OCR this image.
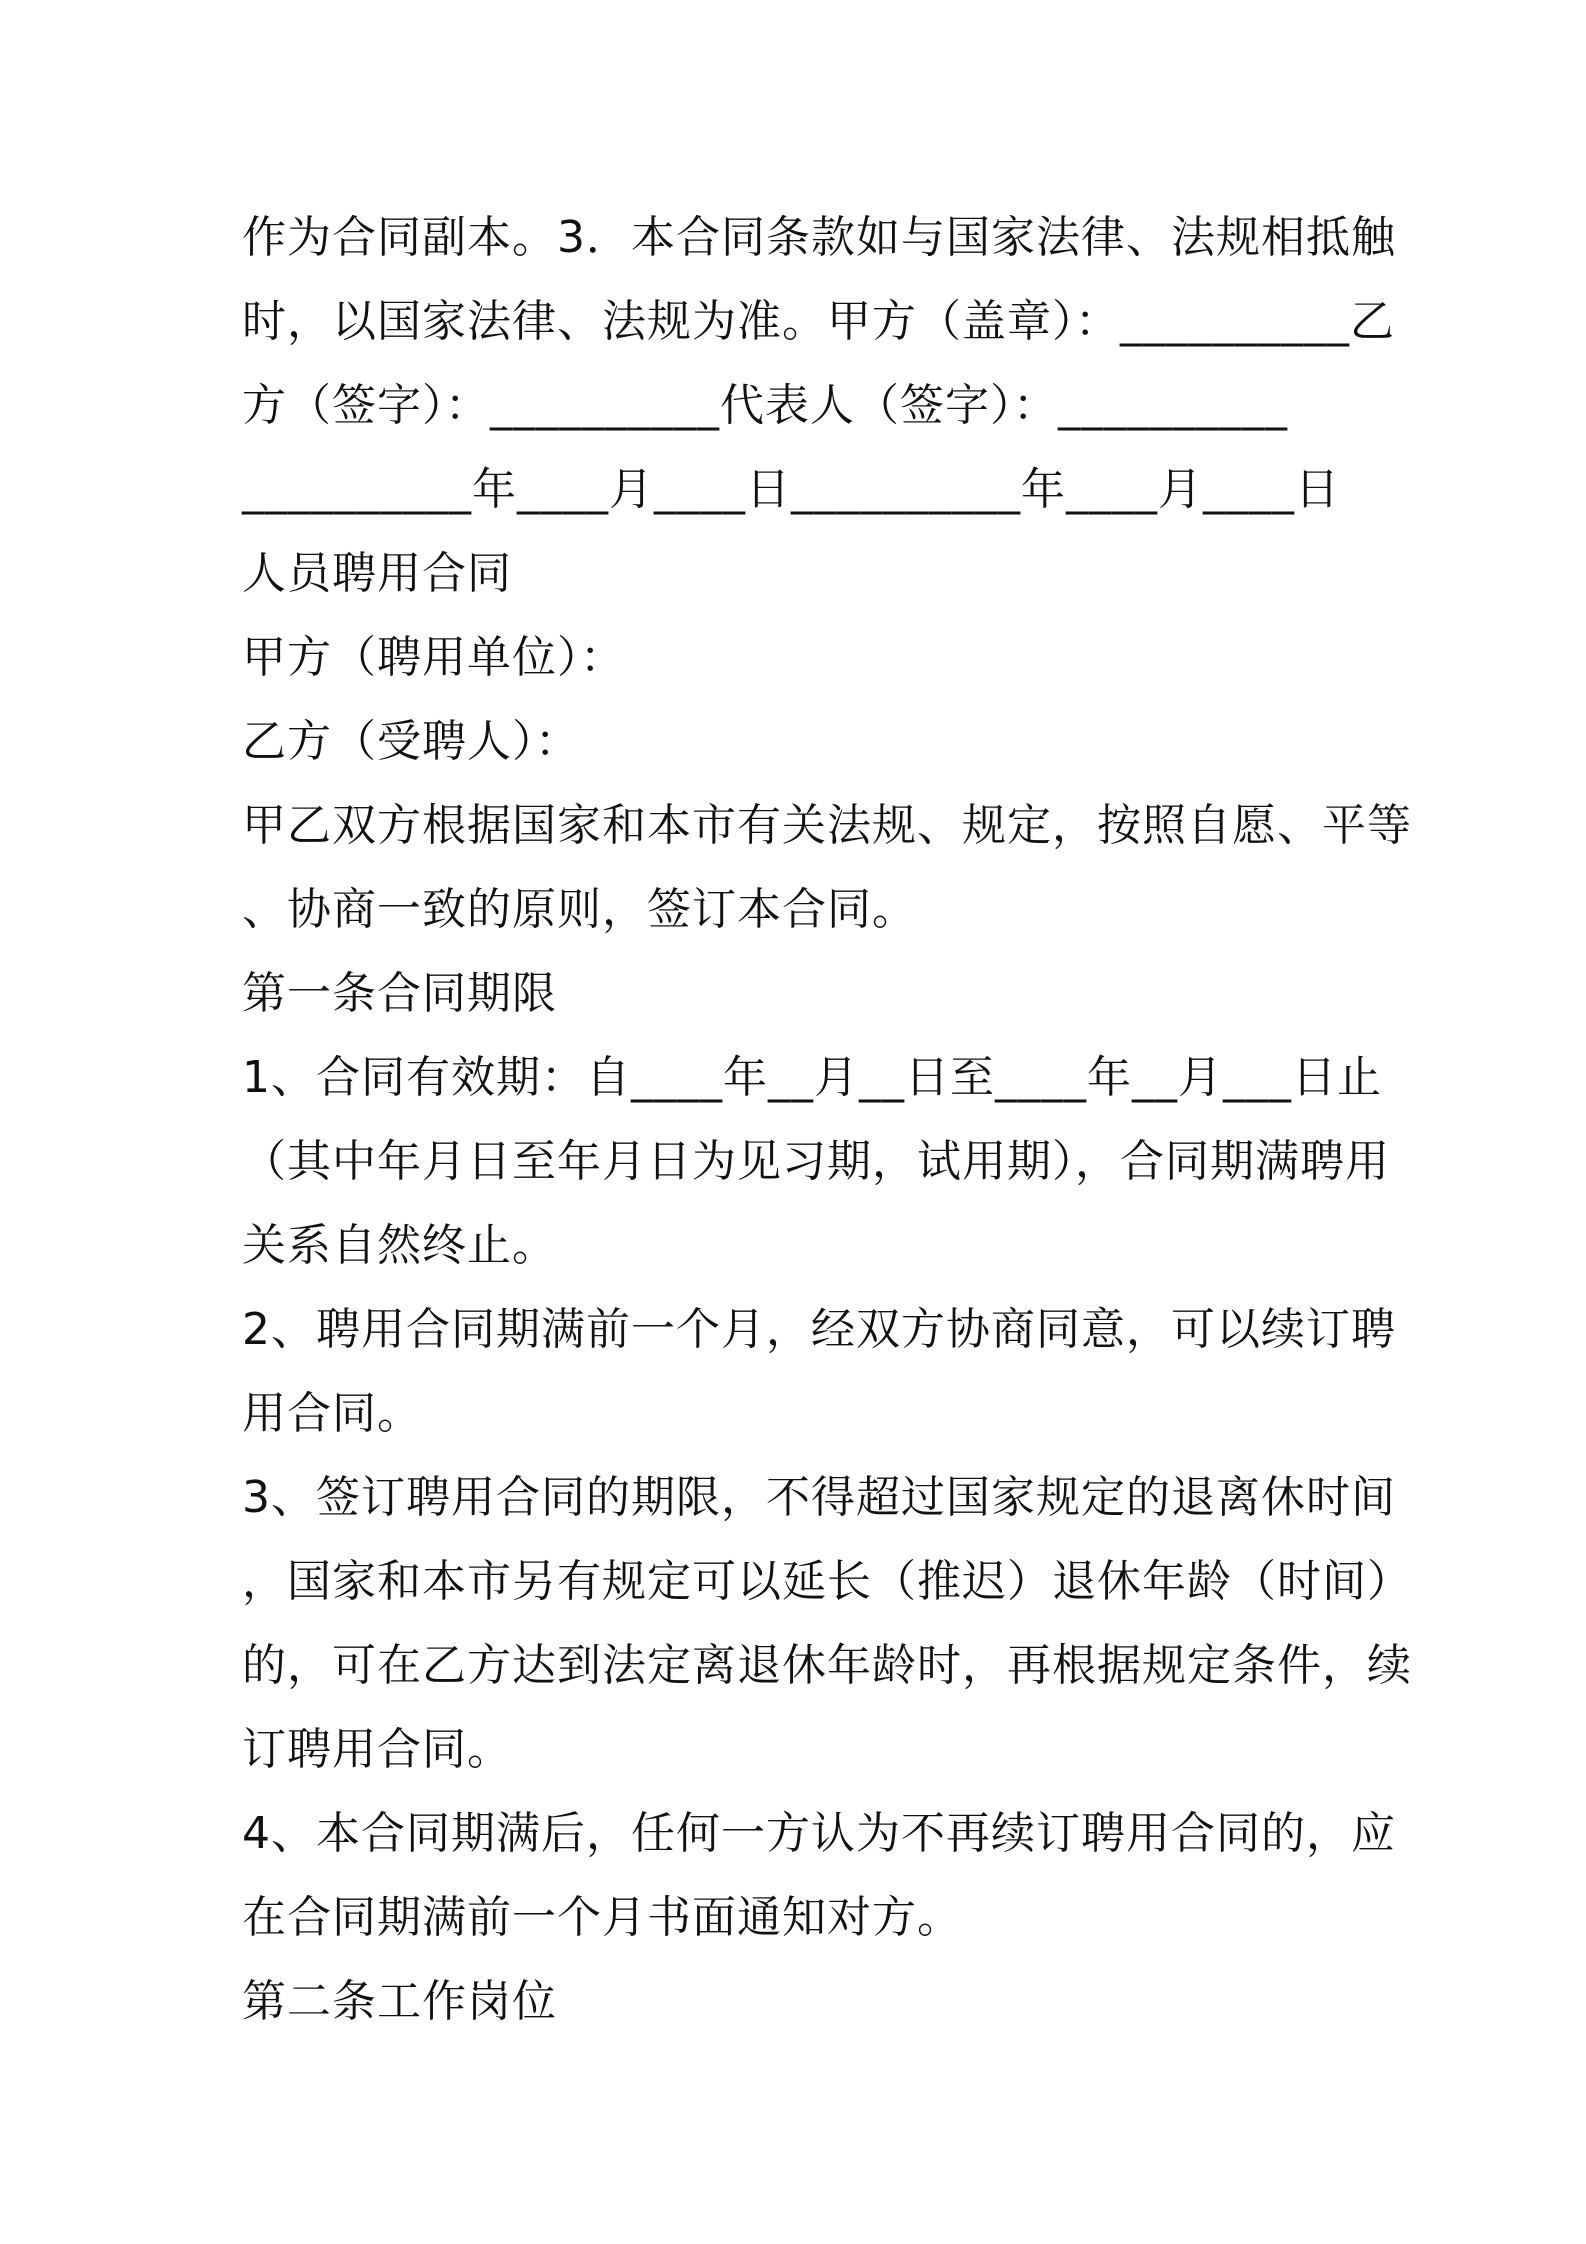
作为合同副本。3．本合同条款如与国家法律、法规相抵触
时，以国家法律、法规为准。甲方（盖章）：__________乙
方（签字）：__________代表人（签字）：__________
__________年____月____日__________年____月____日
人员聘用合同
甲方（聘用单位）：
乙方（受聘人）：
甲乙双方根据国家和本市有关法规、规定，按照自愿、平等
、协商一致的原则，签订本合同。
第一条合同期限
1、合同有效期：自____年__月__日至____年__月___日止
（其中年月日至年月日为见习期，试用期），合同期满聘用
关系自然终止。
2、聘用合同期满前一个月，经双方协商同意，可以续订聘
用合同。
3、签订聘用合同的期限，不得超过国家规定的退离休时间
，国家和本市另有规定可以延长（推迟）退休年龄（时间）
的，可在乙方达到法定离退休年龄时，再根据规定条件，续
订聘用合同。
4、本合同期满后，任何一方认为不再续订聘用合同的，应
在合同期满前一个月书面通知对方。
第二条工作岗位
